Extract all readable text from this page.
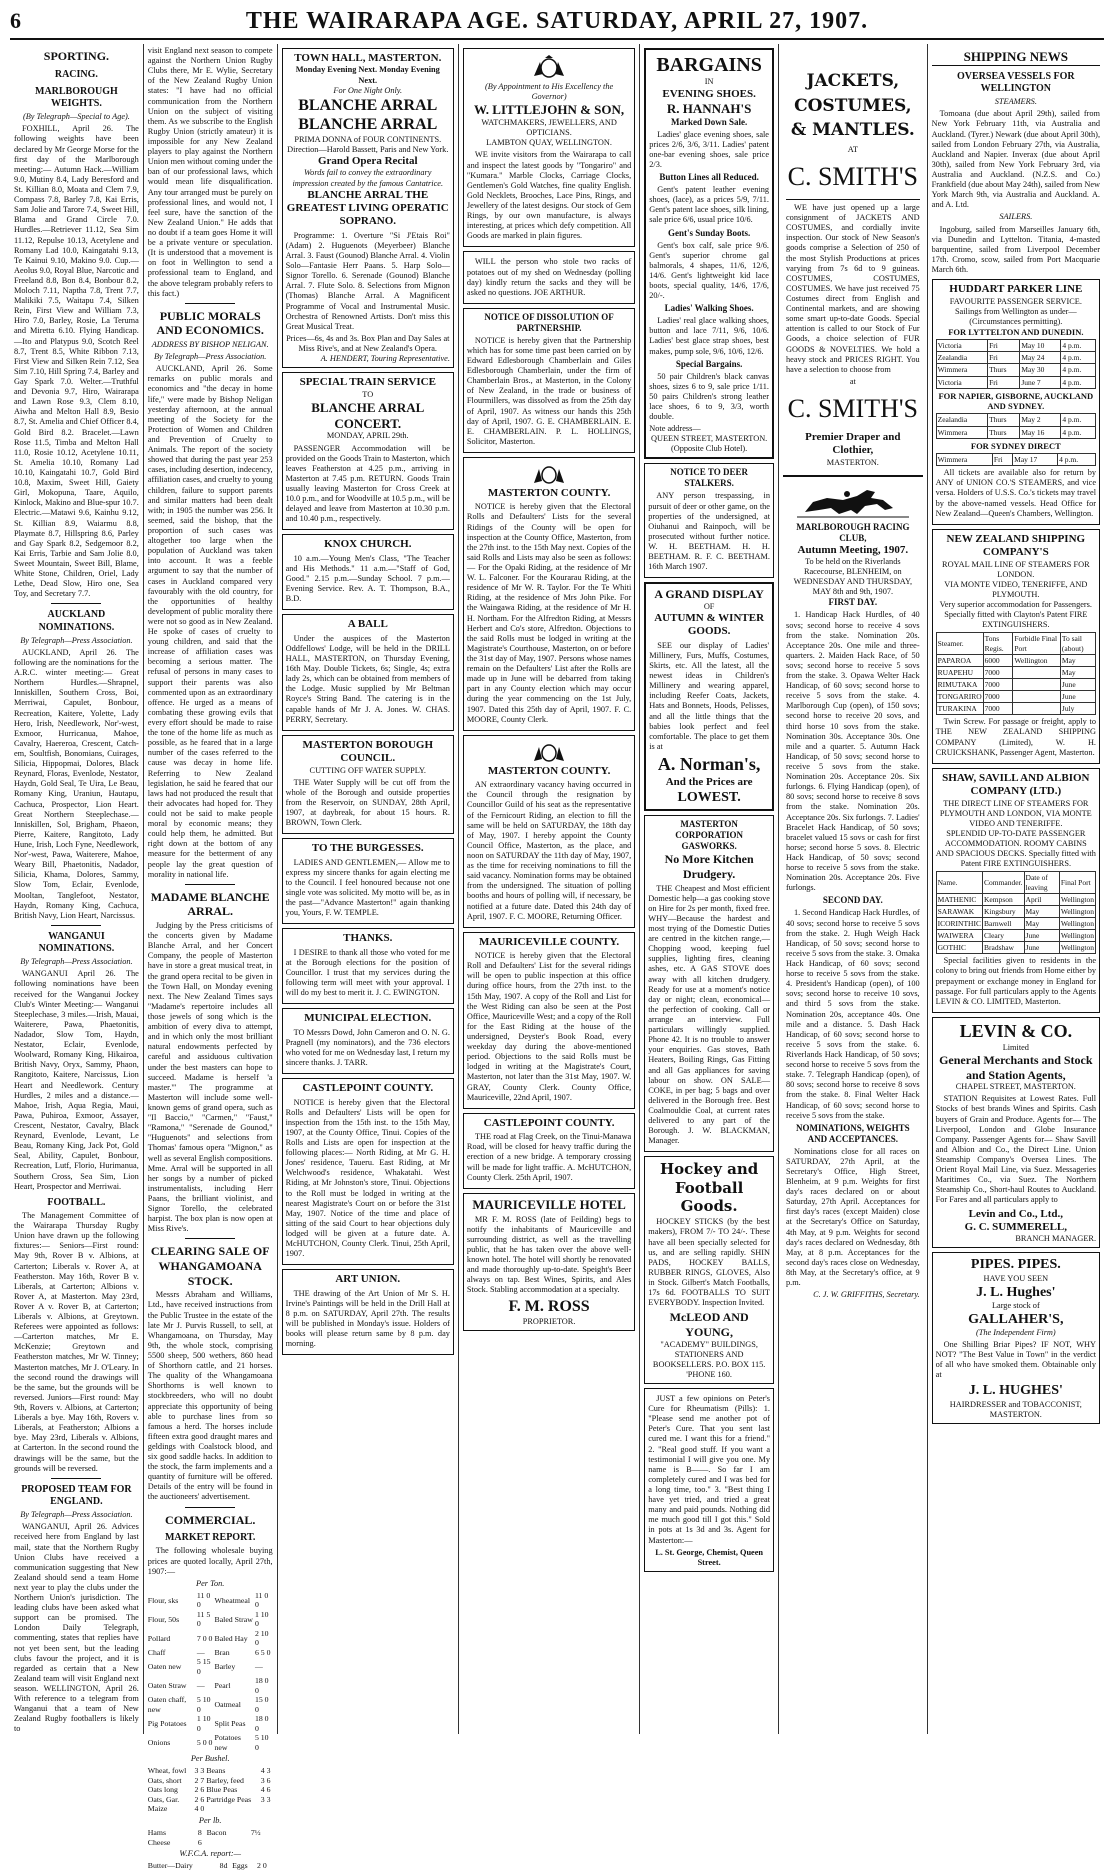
6	THE WAIRARAPA AGE. SATURDAY, APRIL 27, 1907.
SPORTING.
RACING.
MARLBOROUGH WEIGHTS.
(By Telegraph—Special to Age).

FOXHILL, April 26. The following weights have been declared by Mr George Morse for the first day of the Marlborough meeting:— Autumn Hack.—William 9.0, Mutiny 8.4, Lady Beresford and St. Killian 8.0, Moata and Clem 7.9, Compass 7.8, Barley 7.8, Kai Erris, Sam Jolie and Tarore 7.4, Sweet Hill, Blama and Grand Circle 7.0. Hurdles.—Retriever 11.12, Sea Sim 11.12, Repulse 10.13, Acetylene and Romany Lad 10.0, Kaingatahi 9.13, Te Kainui 9.10, Makino 9.0. Cup.—Aeolus 9.0, Royal Blue, Narcotic and Freeland 8.8, Bon 8.4, Bonbour 8.2, Moloch 7.11, Naptha 7.8, Trent 7.7, Malikiki 7.5, Waitapu 7.4, Silken Rein, First View and William 7.3, Hiro 7.0, Barley, Rosie, La Teruma and Miretta 6.10. Flying Handicap.—Ito and Platypus 9.0, Scotch Reel 8.7, Trent 8.5, White Ribbon 7.13, First View and Silken Rein 7.12, Sea Sim 7.10, Hill Spring 7.4, Barley and Gay Spark 7.0. Welter.—Truthful and Devonia 9.7, Hiro, Wairarapa and Lawn Rose 9.3, Clem 8.10, Aiwha and Melton Hall 8.9, Besio 8.7, St. Amelia and Chief Officer 8.4, Gold Bird 8.2. Bracelet.—Lawn Rose 11.5, Timba and Melton Hall 11.0, Rosie 10.12, Acetylene 10.11, St. Amelia 10.10, Romany Lad 10.10, Kaingatahi 10.7, Gold Bird 10.8, Maxim, Sweet Hill, Gaiety Girl, Mokopuna, Taare, Aquilo, Kinlock, Makino and Blue-spur 10.7. Electric.—Matawi 9.6, Kainhu 9.12, St. Killian 8.9, Waiarmu 8.8, Playmate 8.7, Hillspring 8.6, Parley and Gay Spark 8.2, Sedgemoor 8.2, Kai Erris, Tarbie and Sam Jolie 8.0, Sweet Mountain, Sweet Bill, Blame, White Stone, Children, Oriel, Lady Lethe, Dead Slow, Hiro one, Sea Toy, and Secretary 7.7.

AUCKLAND NOMINATIONS.
By Telegraph—Press Association.

AUCKLAND, April 26. The following are the nominations for the A.R.C. winter meeting:— Great Northern Hurdles.—Shrapnel, Inniskillen, Southern Cross, Boi, Merriwai, Capulet, Bonbour, Recreation, Kaitere, Yolette, Lady Hero, Irish, Needlework, Nor'-west, Exmoor, Hurricanua, Mahoe, Cavalry, Haereroa, Crescent, Catch-em, Soultfish, Bonomians, Cuirages, Silicia, Hippopmai, Dolores, Black Reynard, Floras, Evenlode, Nestator, Haydn, Gold Seal, Te Uira, Le Beau, Romany King, Uraniun, Hautapu, Cachuca, Prospector, Lion Heart. Great Northern Steeplechase.—Inniskillen, Sol, Brigham, Phaeon, Pierre, Kaitere, Rangitoto, Lady Hune, Irish, Loch Fyne, Needlework, Nor'-west, Pawa, Waiterere, Mahoe, Weary Bill, Phaetonitis, Nadador, Silicia, Khama, Dolores, Sammy, Slow Tom, Eclair, Evenlode, Mooltan, Tanglefoot, Nestator, Haydn, Romany King, Cachuca, British Navy, Lion Heart, Narcissus.

WANGANUI NOMINATIONS.
By Telegraph—Press Association.

WANGANUI April 26. The following nominations have been received for the Wanganui Jockey Club's Winter Meeting:— Wanganui Steeplechase, 3 miles.—Irish, Mauai, Waiterere, Pawa, Phaetonitis, Nadador, Slow Tom, Haydn, Nestator, Eclair, Evenlode, Woolward, Romany King, Hikairoa, British Navy, Oryx, Sammy, Phaon, Rangitoto, Kaitere, Narcissus, Lion Heart and Needlework. Century Hurdles, 2 miles and a distance.—Mahoe, Irish, Aqua Regia, Maui, Pawa, Puhiroa, Exmoor, Assayer, Crescent, Nestator, Cavalry, Black Reynard, Evenlode, Levant, Le Beau, Romany King, Jack Pot, Gold Seal, Ability, Capulet, Bonbour, Recreation, Lutf, Florio, Hurimanua, Southern Cross, Sea Sim, Lion Heart, Prospector and Merriwai.

FOOTBALL.

The Management Committee of the Wairarapa Thursday Rugby Union have drawn up the following fixtures:— Seniors—First round: May 9th, Rover B v. Albions, at Carterton; Liberals v. Rover A, at Featherston. May 16th, Rover B v. Liberals, at Carterton; Albions v. Rover A, at Masterton. May 23rd, Rover A v. Rover B, at Carterton; Liberals v. Albions, at Greytown. Referees were appointed as follows:—Carterton matches, Mr E. McKenzie; Greytown and Featherston matches, Mr W. Tinney; Masterton matches, Mr J. O'Leary. In the second round the drawings will be the same, but the grounds will be reversed. Juniors—First round: May 9th, Rovers v. Albions, at Carterton; Liberals a bye. May 16th, Rovers v. Liberals, at Featherston; Albions a bye. May 23rd, Liberals v. Albions, at Carterton. In the second round the drawings will be the same, but the grounds will be reversed.

PROPOSED TEAM FOR ENGLAND.
By Telegraph—Press Association.

WANGANUI, April 26. Advices received here from England by last mail, state that the Northern Rugby Union Clubs have received a communication suggesting that New Zealand should send a team Home next year to play the clubs under the Northern Union's jurisdiction. The leading clubs have been asked what support can be promised. The London Daily Telegraph, commenting, states that replies have not yet been sent, but the leading clubs favour the project, and it is regarded as certain that a New Zealand team will visit England next season. WELLINGTON, April 26. With reference to a telegram from Wanganui that a team of New Zealand Rugby footballers is likely to

visit England next season to compete against the Northern Union Rugby Clubs there, Mr E. Wylie, Secretary of the New Zealand Rugby Union states: "I have had no official communication from the Northern Union on the subject of visiting them. As we subscribe to the English Rugby Union (strictly amateur) it is impossible for any New Zealand players to play against the Northern Union men without coming under the ban of our professional laws, which would mean life disqualification. Any tour arranged must be purely on professional lines, and would not, I feel sure, have the sanction of the New Zealand Union." He adds that no doubt if a team goes Home it will be a private venture or speculation. (It is understood that a movement is on foot in Wellington to send a professional team to England, and the above telegram probably refers to this fact.)

PUBLIC MORALS AND ECONOMICS.
ADDRESS BY BISHOP NELIGAN.
By Telegraph—Press Association.

AUCKLAND, April 26. Some remarks on public morals and economics and "the decay in home life," were made by Bishop Neligan yesterday afternoon, at the annual meeting of the Society for the Protection of Women and Children and Prevention of Cruelty to Animals. The report of the society showed that during the past year 253 cases, including desertion, indecency, affiliation cases, and cruelty to young children, failure to support parents and similar matters had been dealt with; in 1905 the number was 256. It seemed, said the bishop, that the proportion of such cases was altogether too large when the population of Auckland was taken into account. It was a feeble argument to say that the number of cases in Auckland compared very favourably with the old country, for the opportunities of healthy development of public morality there were not so good as in New Zealand. He spoke of cases of cruelty to young children, and said that the increase of affiliation cases was becoming a serious matter. The refusal of persons in many cases to support their parents was also commented upon as an extraordinary offence. He urged as a means of combating these growing evils that every effort should be made to raise the tone of the home life as much as possible, as he feared that in a large number of the cases referred to the cause was decay in home life. Referring to New Zealand legislation, he said he feared that our laws had not produced the result that their advocates had hoped for. They could not be said to make people moral by economic means; they could help them, he admitted. But right down at the bottom of any measure for the betterment of any people lay the great question of morality in national life.

MADAME BLANCHE ARRAL.

Judging by the Press criticisms of the concerts given by Madame Blanche Arral, and her Concert Company, the people of Masterton have in store a great musical treat, in the grand opera recital to be given in the Town Hall, on Monday evening next. The New Zealand Times says "Madame's repertoire includes all those jewels of song which is the ambition of every diva to attempt, and in which only the most brilliant natural endowments perfected by careful and assiduous cultivation under the best masters can hope to succeed. Madame is herself 'a master.'" The programme at Masterton will include some well-known gems of grand opera, such as "Il Baccio," "Carmen," "Faust," "Ramona," "Serenade de Gounod," "Huguenots" and selections from Thomas' famous opera "Mignon," as well as several English compositions. Mme. Arral will be supported in all her songs by a number of picked instrumentalists, including Herr Paans, the brilliant violinist, and Signor Torello, the celebrated harpist. The box plan is now open at Miss Rive's.

CLEARING SALE OF WHANGAMOANA STOCK.

Messrs Abraham and Williams, Ltd., have received instructions from the Public Trustee in the estate of the late Mr J. Purvis Russell, to sell, at Whangamoana, on Thursday, May 9th, the whole stock, comprising 5500 sheep, 500 wethers, 860 head of Shorthorn cattle, and 21 horses. The quality of the Whangamoana Shorthorns is well known to stockbreeders, who will no doubt appreciate this opportunity of being able to purchase lines from so famous a herd. The horses include fifteen extra good draught mares and geldings with Coalstock blood, and six good saddle hacks. In addition to the stock, the farm implements and a quantity of furniture will be offered. Details of the entry will be found in the auctioneers' advertisement.

COMMERCIAL.
MARKET REPORT.

The following wholesale buying prices are quoted locally, April 27th, 1907:—

Per Ton.
Flour, sks	11 0 0	Wheatmeal	11 0 0
Flour, 50s	11 5 0	Baled Straw	1 10 0
Pollard	7 0 0	Baled Hay	2 10 0
Chaff	—	Bran	6 5 0
Oaten new	5 15 0	Barley	—
Oaten Straw	—	Pearl	18 0 0
Oaten chaff, new	5 10 0	Oatmeal	15 0 0
Pig Potatoes	1 10 0	Split Peas	18 0 0
Onions	5 0 0	Potatoes new	5 10 0
Per Bushel.
Wheat, fowl	3 3	Beans	4 3
Oats, short	2 7	Barley, feed	3 6
Oats long	2 6	Blue Peas	4 6
Oats, Gar.	2 6	Partridge Peas	3 3
Maize	4 0		
Per lb.
Hams	8	Bacon	7½
Cheese	6		
W.F.C.A. report:—
Butter—Dairy	8d	Eggs	2 0
TOWN HALL, MASTERTON.
Monday Evening Next. Monday Evening Next.
For One Night Only.
BLANCHE ARRAL
BLANCHE ARRAL
PRIMA DONNA of FOUR CONTINENTS. Direction—Harold Bassett, Paris and New York.
Grand Opera Recital
Words fail to convey the extraordinary impression created by the famous Cantatrice.
BLANCHE ARRAL THE GREATEST LIVING OPERATIC SOPRANO.

Programme: 1. Overture "Si J'Etais Roi" (Adam) 2. Huguenots (Meyerbeer) Blanche Arral. 3. Faust (Gounod) Blanche Arral. 4. Violin Solo—Fantasie Herr Paans. 5. Harp Solo—Signor Torello. 6. Serenade (Gounod) Blanche Arral. 7. Flute Solo. 8. Selections from Mignon (Thomas) Blanche Arral. A Magnificent Programme of Vocal and Instrumental Music. Orchestra of Renowned Artists. Don't miss this Great Musical Treat.

Prices—6s, 4s and 3s. Box Plan and Day Sales at Miss Rive's, and at New Zealand's Opera.
A. HENDERT, Touring Representative.
SPECIAL TRAIN SERVICE
TO
BLANCHE ARRAL CONCERT.
MONDAY, APRIL 29th.

PASSENGER Accommodation will be provided on the Goods Train to Masterton, which leaves Featherston at 4.25 p.m., arriving in Masterton at 7.45 p.m. RETURN. Goods Train usually leaving Masterton for Cross Creek at 10.0 p.m., and for Woodville at 10.5 p.m., will be delayed and leave from Masterton at 10.30 p.m. and 10.40 p.m., respectively.

KNOX CHURCH.

10 a.m.—Young Men's Class, "The Teacher and His Methods." 11 a.m.—"Staff of God, Good." 2.15 p.m.—Sunday School. 7 p.m.—Evening Service. Rev. A. T. Thompson, B.A., B.D.

A BALL

Under the auspices of the Masterton Oddfellows' Lodge, will be held in the DRILL HALL, MASTERTON, on Thursday Evening, 16th May. Double Tickets, 6s; Single, 4s; extra lady 2s, which can be obtained from members of the Lodge. Music supplied by Mr Beltman Royce's String Band. The catering is in the capable hands of Mr J. A. Jones. W. CHAS. PERRY, Secretary.

MASTERTON BOROUGH COUNCIL.
CUTTING OFF WATER SUPPLY.

THE Water Supply will be cut off from the whole of the Borough and outside properties from the Reservoir, on SUNDAY, 28th April, 1907, at daybreak, for about 15 hours. R. BROWN, Town Clerk.

TO THE BURGESSES.

LADIES AND GENTLEMEN,— Allow me to express my sincere thanks for again electing me to the Council. I feel honoured because not one single vote was solicited. My motto will be, as in the past—"Advance Masterton!" again thanking you, Yours, F. W. TEMPLE.

THANKS.

I DESIRE to thank all those who voted for me at the Borough elections for the position of Councillor. I trust that my services during the following term will meet with your approval. I will do my best to merit it. J. C. EWINGTON.

MUNICIPAL ELECTION.

TO Messrs Dowd, John Cameron and O. N. G. Pragnell (my nominators), and the 736 electors who voted for me on Wednesday last, I return my sincere thanks. J. TARR.

CASTLEPOINT COUNTY.

NOTICE is hereby given that the Electoral Rolls and Defaulters' Lists will be open for inspection from the 15th inst. to the 15th May, 1907, at the County Office, Tinui. Copies of the Rolls and Lists are open for inspection at the following places:— North Riding, at Mr G. H. Jones' residence, Taueru. East Riding, at Mr Welchwood's residence, Whakatahi. West Riding, at Mr Johnston's store, Tinui. Objections to the Roll must be lodged in writing at the nearest Magistrate's Court on or before the 31st May, 1907. Notice of the time and place of sitting of the said Court to hear objections duly lodged will be given at a future date. A. McHUTCHON, County Clerk. Tinui, 25th April, 1907.

ART UNION.

THE drawing of the Art Union of Mr S. H. Irvine's Paintings will be held in the Drill Hall at 8 p.m. on SATURDAY, April 27th. The results will be published in Monday's issue. Holders of books will please return same by 8 p.m. day morning.

(By Appointment to His Excellency the Governor)
W. LITTLEJOHN & SON,
WATCHMAKERS, JEWELLERS, AND OPTICIANS.
LAMBTON QUAY, WELLINGTON.

WE invite visitors from the Wairarapa to call and inspect the latest goods by "Tongariro" and "Kumara." Marble Clocks, Carriage Clocks, Gentlemen's Gold Watches, fine quality English. Gold Necklets, Brooches, Lace Pins, Rings, and Jewellery of the latest designs. Our stock of Gem Rings, by our own manufacture, is always interesting, at prices which defy competition. All Goods are marked in plain figures.

WILL the person who stole two racks of potatoes out of my shed on Wednesday (polling day) kindly return the sacks and they will be asked no questions. JOE ARTHUR.

NOTICE OF DISSOLUTION OF PARTNERSHIP.

NOTICE is hereby given that the Partnership which has for some time past been carried on by Edward Edlesborough Chamberlain and Giles Edlesborough Chamberlain, under the firm of Chamberlain Bros., at Masterton, in the Colony of New Zealand, in the trade or business of Flourmillers, was dissolved as from the 25th day of April, 1907. As witness our hands this 25th day of April, 1907. G. E. CHAMBERLAIN. E. E. CHAMBERLAIN. P. L. HOLLINGS, Solicitor, Masterton.

MASTERTON COUNTY.

NOTICE is hereby given that the Electoral Rolls and Defaulters' Lists for the several Ridings of the County will be open for inspection at the County Office, Masterton, from the 27th inst. to the 15th May next. Copies of the said Rolls and Lists may also be seen as follows:— For the Opaki Riding, at the residence of Mr W. L. Falconer. For the Kourarau Riding, at the residence of Mr W. R. Taylor. For the Te Whiti Riding, at the residence of Mrs John Pike. For the Waingawa Riding, at the residence of Mr H. H. Northam. For the Alfredton Riding, at Messrs Herbert and Co's store, Alfredton. Objections to the said Rolls must be lodged in writing at the Magistrate's Courthouse, Masterton, on or before the 31st day of May, 1907. Persons whose names remain on the Defaulters' List after the Rolls are made up in June will be debarred from taking part in any County election which may occur during the year commencing on the 1st July, 1907. Dated this 25th day of April, 1907. F. C. MOORE, County Clerk.

MASTERTON COUNTY.

AN extraordinary vacancy having occurred in the Council through the resignation by Councillor Guild of his seat as the representative of the Fernicourt Riding, an election to fill the same will be held on SATURDAY, the 18th day of May, 1907. I hereby appoint the County Council Office, Masterton, as the place, and noon on SATURDAY the 11th day of May, 1907, as the time for receiving nominations to fill the said vacancy. Nomination forms may be obtained from the undersigned. The situation of polling booths and hours of polling will, if necessary, be notified at a future date. Dated this 24th day of April, 1907. F. C. MOORE, Returning Officer.

MAURICEVILLE COUNTY.

NOTICE is hereby given that the Electoral Roll and Defaulters' List for the several ridings will be open to public inspection at this office during office hours, from the 27th inst. to the 15th May, 1907. A copy of the Roll and List for the West Riding can also be seen at the Post Office, Mauriceville West; and a copy of the Roll for the East Riding at the house of the undersigned, Deyster's Book Road, every weekday day during the above-mentioned period. Objections to the said Rolls must be lodged in writing at the Magistrate's Court, Masterton, not later than the 31st May, 1907. W. GRAY, County Clerk. County Office, Mauriceville, 22nd April, 1907.

CASTLEPOINT COUNTY.

THE road at Flag Creek, on the Tinui-Manawa Road, will be closed for heavy traffic during the erection of a new bridge. A temporary crossing will be made for light traffic. A. McHUTCHON, County Clerk. 25th April, 1907.

MAURICEVILLE HOTEL

MR F. M. ROSS (late of Feilding) begs to notify the inhabitants of Mauriceville and surrounding district, as well as the travelling public, that he has taken over the above well-known hotel. The hotel will shortly be renovated and made thoroughly up-to-date. Speight's Beer always on tap. Best Wines, Spirits, and Ales Stock. Stabling accommodation at a specialty.

F. M. ROSS
PROPRIETOR.
BARGAINS
IN
EVENING SHOES.
R. HANNAH'S
Marked Down Sale.

Ladies' glace evening shoes, sale prices 2/6, 3/6, 3/11. Ladies' patent one-bar evening shoes, sale price 2/3.

Button Lines all Reduced.

Gent's patent leather evening shoes, (lace), as a prices 5/9, 7/11. Gent's patent lace shoes, silk lining, sale price 6/6, usual price 10/6.

Gent's Sunday Boots.

Gent's box calf, sale price 9/6. Gent's superior chrome gal balmorals, 4 shapes, 11/6, 12/6, 14/6. Gent's lightweight kid lace boots, special quality, 14/6, 17/6, 20/-.

Ladies' Walking Shoes.

Ladies' real glace walking shoes, button and lace 7/11, 9/6, 10/6. Ladies' best glace strap shoes, best makes, pump sole, 9/6, 10/6, 12/6.

Special Bargains.

50 pair Children's black canvas shoes, sizes 6 to 9, sale price 1/11. 50 pairs Children's strong leather lace shoes, 6 to 9, 3/3, worth double.

Note address—
QUEEN STREET, MASTERTON. (Opposite Club Hotel).
NOTICE TO DEER STALKERS.

ANY person trespassing, in pursuit of deer or other game, on the properties of the undersigned, at Oiuhanui and Rainpoch, will be prosecuted without further notice. W. H. BEETHAM. H. H. BEETHAM. R. F. C. BEETHAM. 16th March 1907.

A GRAND DISPLAY
OF
AUTUMN & WINTER GOODS.

SEE our display of Ladies' Millinery, Furs, Muffs, Costumes, Skirts, etc. All the latest, all the newest ideas in Children's Millinery and wearing apparel, including Reefer Coats, Jackets, Hats and Bonnets, Hoods, Pelisses, and all the little things that the babies look perfect and feel comfortable. The place to get them is at

A. Norman's,
And the Prices are
LOWEST.
MASTERTON CORPORATION GASWORKS.
No More Kitchen Drudgery.

THE Cheapest and Most efficient Domestic help—a gas cooking stove on Hire for 2s per month, fixed free. WHY—Because the hardest and most trying of the Domestic Duties are centred in the kitchen range,—Chopping wood, keeping fuel supplies, lighting fires, cleaning ashes, etc. A GAS STOVE does away with all kitchen drudgery. Ready for use at a moment's notice day or night; clean, economical—the perfection of cooking. Call or arrange an interview. Full particulars willingly supplied. Phone 42. It is no trouble to answer your enquiries. Gas stoves, Bath Heaters, Boiling Rings, Gas Fitting and all Gas appliances for saving labour on show. ON SALE—COKE, in per bag; 5 bags and over delivered in the Borough free. Best Coalmouldie Coal, at current rates delivered to any part of the Borough. J. W. BLACKMAN, Manager.

Hockey and Football Goods.

HOCKEY STICKS (by the best makers), FROM 7/- TO 24/-. These have all been specially selected for us, and are selling rapidly. SHIN PADS, HOCKEY BALLS, RUBBER RINGS, GLOVES, Also in Stock. Gilbert's Match Footballs, 17s 6d. FOOTBALLS TO SUIT EVERYBODY. Inspection Invited.

McLEOD AND YOUNG,
"ACADEMY" BUILDINGS, STATIONERS AND BOOKSELLERS. P.O. BOX 115. 'PHONE 160.

JUST a few opinions on Peter's Cure for Rheumatism (Pills): 1. "Please send me another pot of Peter's Cure. That you sent last cured me. I want this for a friend." 2. "Real good stuff. If you want a testimonial I will give you one. My name is B——. So far I am completely cured and I was bed for a long time, too." 3. "Best thing I have yet tried, and tried a great many and paid pounds. Nothing did me much good till I got this." Sold in pots at 1s 3d and 3s. Agent for Masterton:—

L. St. George, Chemist, Queen Street.
JACKETS,
COSTUMES,
& MANTLES.
AT
C. SMITH'S

WE have just opened up a large consignment of JACKETS AND COSTUMES, and cordially invite inspection. Our stock of New Season's goods comprise a Selection of 250 of the most Stylish Productions at prices varying from 7s 6d to 9 guineas. COSTUMES, COSTUMES, COSTUMES. We have just received 75 Costumes direct from English and Continental markets, and are showing some smart up-to-date Goods. Special attention is called to our Stock of Fur Goods, a choice selection of FUR GOODS & NOVELTIES. We hold a heavy stock and PRICES RIGHT. You have a selection to choose from

at
C. SMITH'S
Premier Draper and Clothier,
MASTERTON.
MARLBOROUGH RACING CLUB,
Autumn Meeting, 1907.
To be held on the Riverlands Racecourse, BLENHEIM, on WEDNESDAY AND THURSDAY, MAY 8th and 9th, 1907.
FIRST DAY.

1. Handicap Hack Hurdles, of 40 sovs; second horse to receive 4 sovs from the stake. Nomination 20s. Acceptance 20s. One mile and three-quarters. 2. Maiden Hack Race, of 50 sovs; second horse to receive 5 sovs from the stake. 3. Opawa Welter Hack Handicap, of 60 sovs; second horse to receive 5 sovs from the stake. 4. Marlborough Cup (open), of 150 sovs; second horse to receive 20 sovs, and third horse 10 sovs from the stake. Nomination 30s. Acceptance 30s. One mile and a quarter. 5. Autumn Hack Handicap, of 50 sovs; second horse to receive 5 sovs from the stake. Nomination 20s. Acceptance 20s. Six furlongs. 6. Flying Handicap (open), of 80 sovs; second horse to receive 8 sovs from the stake. Nomination 20s. Acceptance 20s. Six furlongs. 7. Ladies' Bracelet Hack Handicap, of 50 sovs; bracelet valued 15 sovs or cash for first horse; second horse 5 sovs. 8. Electric Hack Handicap, of 50 sovs; second horse to receive 5 sovs from the stake. Nomination 20s. Acceptance 20s. Five furlongs.

SECOND DAY.

1. Second Handicap Hack Hurdles, of 40 sovs; second horse to receive 5 sovs from the stake. 2. Hugh Weigh Hack Handicap, of 50 sovs; second horse to receive 5 sovs from the stake. 3. Omaka Hack Handicap, of 60 sovs; second horse to receive 5 sovs from the stake. 4. President's Handicap (open), of 100 sovs; second horse to receive 10 sovs, and third 5 sovs from the stake. Nomination 20s, acceptance 40s. One mile and a distance. 5. Dash Hack Handicap, of 60 sovs; second horse to receive 5 sovs from the stake. 6. Riverlands Hack Handicap, of 50 sovs; second horse to receive 5 sovs from the stake. 7. Telegraph Handicap (open), of 80 sovs; second horse to receive 8 sovs from the stake. 8. Final Welter Hack Handicap, of 60 sovs; second horse to receive 5 sovs from the stake.

NOMINATIONS, WEIGHTS AND ACCEPTANCES.

Nominations close for all races on SATURDAY, 27th April, at the Secretary's Office, High Street, Blenheim, at 9 p.m. Weights for first day's races declared on or about Saturday, 27th April. Acceptances for first day's races (except Maiden) close at the Secretary's Office on Saturday, 4th May, at 9 p.m. Weights for second day's races declared on Wednesday, 8th May, at 8 p.m. Acceptances for the second day's races close on Wednesday, 8th May, at the Secretary's office, at 9 p.m.

C. J. W. GRIFFITHS, Secretary.
SHIPPING NEWS
OVERSEA VESSELS FOR WELLINGTON
STEAMERS.

Tomoana (due about April 29th), sailed from New York February 11th, via Australia and Auckland. (Tyrer.) Newark (due about April 30th), sailed from London February 27th, via Australia, Auckland and Napier. Inverax (due about April 30th), sailed from New York February 3rd, via Australia and Auckland. (N.Z.S. and Co.) Frankfield (due about May 24th), sailed from New York March 9th, via Australia and Auckland. A. and A. Ltd.

SAILERS.

Ingoburg, sailed from Marseilles January 6th, via Dunedin and Lyttelton. Titania, 4-masted barquentine, sailed from Liverpool December 17th. Cromo, scow, sailed from Port Macquarie March 6th.

HUDDART PARKER LINE
FAVOURITE PASSENGER SERVICE.
Sailings from Wellington as under—(Circumstances permitting).
FOR LYTTELTON AND DUNEDIN.
Victoria	Fri	May 10	4 p.m.
Zealandia	Fri	May 24	4 p.m.
Wimmera	Thurs	May 30	4 p.m.
Victoria	Fri	June 7	4 p.m.
FOR NAPIER, GISBORNE, AUCKLAND AND SYDNEY.
Zealandia	Thurs	May 2	4 p.m.
Wimmera	Thurs	May 16	4 p.m.
FOR SYDNEY DIRECT
Wimmera	Fri	May 17	4 p.m.

All tickets are available also for return by ANY of UNION CO.'S STEAMERS, and vice versa. Holders of U.S.S. Co.'s tickets may travel by the above-named vessels. Head Office for New Zealand—Queen's Chambers, Wellington.

NEW ZEALAND SHIPPING COMPANY'S
ROYAL MAIL LINE OF STEAMERS FOR LONDON.
VIA MONTE VIDEO, TENERIFFE, AND PLYMOUTH.
Very superior accommodation for Passengers. Specially fitted with Clayton's Patent FIRE EXTINGUISHERS.
Steamer.	Tons Regis.	Forbidle Final Port	To sail (about)
PAPAROA	6000	Wellington	May
RUAPEHU	7000		May
RIMUTAKA	7000		June
TONGARIRO	7000		June
TURAKINA	7000		July

Twin Screw. For passage or freight, apply to THE NEW ZEALAND SHIPPING COMPANY (Limited), W. H. CRUICKSHANK, Passenger Agent, Masterton.

SHAW, SAVILL AND ALBION COMPANY (LTD.)
THE DIRECT LINE OF STEAMERS FOR PLYMOUTH AND LONDON, VIA MONTE VIDEO AND TENERIFFE.
SPLENDID UP-TO-DATE PASSENGER ACCOMMODATION. ROOMY CABINS AND SPACIOUS DECKS. Specially fitted with Patent FIRE EXTINGUISHERS.
Name.	Commander.	Date of leaving	Final Port
MATHENIC	Kempson	April	Wellington
SARAWAK	Kingsbury	May	Wellington
ICORINTHIC	Barnwell	May	Wellington
WAIWERA	Cleary	June	Wellington
GOTHIC	Bradshaw	June	Wellington

Special facilities given to residents in the colony to bring out friends from Home either by prepayment or exchange money in England for passage. For full particulars apply to the Agents LEVIN & CO. LIMITED, Masterton.

LEVIN & CO.
Limited
General Merchants and Stock and Station Agents,
CHAPEL STREET, MASTERTON.

STATION Requisites at Lowest Rates. Full Stocks of best brands Wines and Spirits. Cash buyers of Grain and Produce. Agents for— The Liverpool, London and Globe Insurance Company. Passenger Agents for— Shaw Savill and Albion and Co., the Direct Line. Union Steamship Company's Oversea Lines. The Orient Royal Mail Line, via Suez. Messageries Maritimes Co., via Suez. The Northern Steamship Co., Short-haul Routes to Auckland. For Fares and all particulars apply to

Levin and Co., Ltd.,
G. C. SUMMERELL,
BRANCH MANAGER.
PIPES. PIPES.
HAVE YOU SEEN
J. L. Hughes'
Large stock of
GALLAHER'S,
(The Independent Firm)

One Shilling Briar Pipes? IF NOT, WHY NOT? "The Best Value in Town" in the verdict of all who have smoked them. Obtainable only at

J. L. HUGHES'
HAIRDRESSER and TOBACCONIST,
MASTERTON.
